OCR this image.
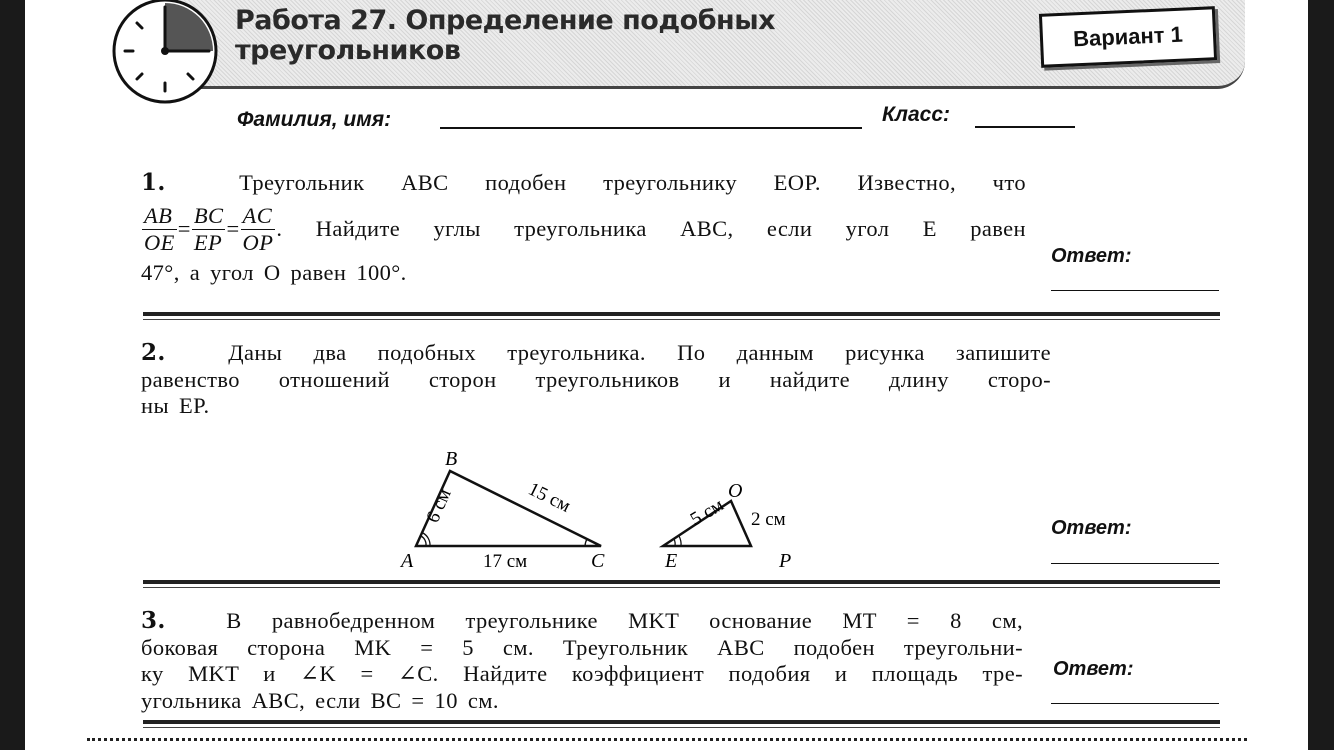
Работа 27. Определение подобных
треугольников	Вариант 1
Фамилия, имя:	Класс:
1.	Треугольник ABC подобен треугольнику EOP. Известно, что
$\frac{AB}{OE} = \frac{BC}{EP} = \frac{AC}{OP}$ . Найдите углы треугольника ABC, если угол E равен
47°, а угол O равен 100°.
Ответ:
2.	Даны два подобных треугольника. По данным рисунка запишите
равенство отношений сторон треугольников и найдите длину сторо-
ны EP.
A
B
C
6 см	15 см
17 см	E
O
P
5 см 2 см	Ответ:
3.	В равнобедренном треугольнике MKT основание MT = 8 см,
боковая сторона MK = 5 см. Треугольник ABC подобен треугольни-
ку MKT и ∠K = ∠C. Найдите коэффициент подобия и площадь тре-
угольника ABC, если BC = 10 см.
Ответ:
